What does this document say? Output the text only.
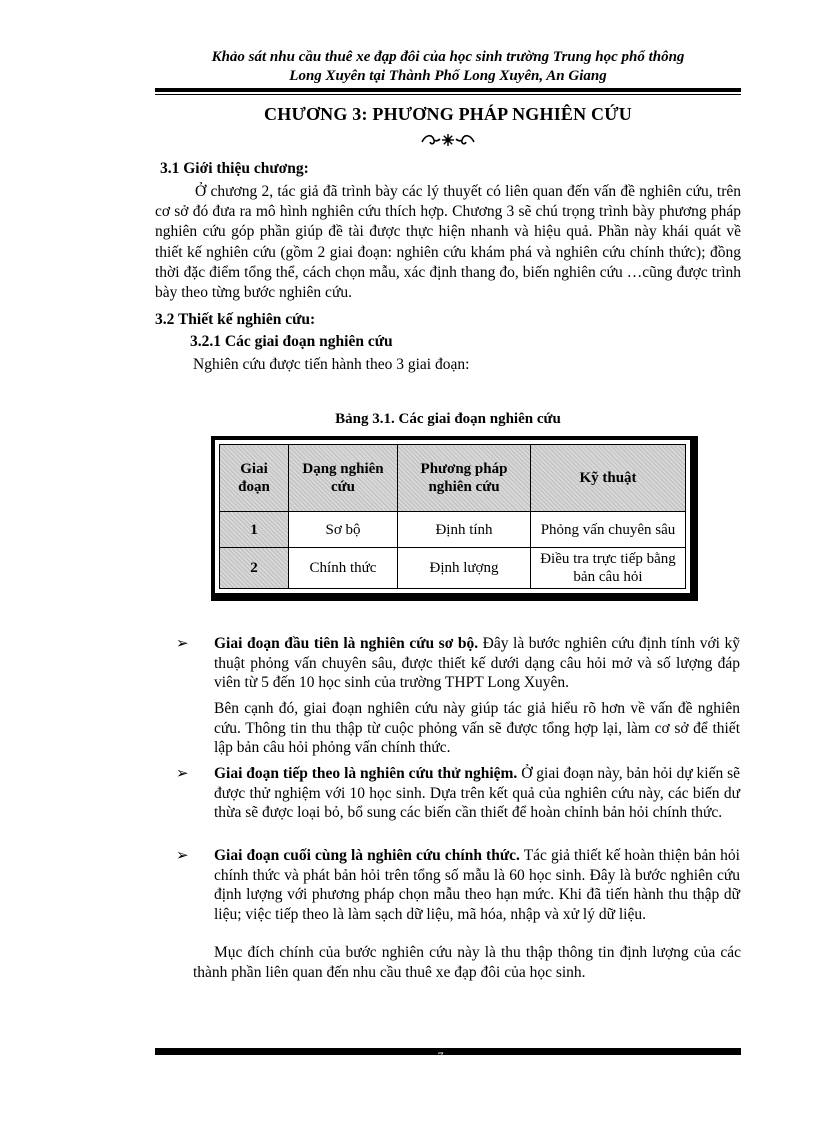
Khảo sát nhu cầu thuê xe đạp đôi của học sinh trường Trung học phổ thông
Long Xuyên tại Thành Phố Long Xuyên, An Giang
CHƯƠNG 3: PHƯƠNG PHÁP NGHIÊN CỨU
3.1 Giới thiệu chương:
Ở chương 2, tác giả đã trình bày các lý thuyết có liên quan đến vấn đề nghiên cứu, trên cơ sở đó đưa ra mô hình nghiên cứu thích hợp. Chương 3 sẽ chú trọng trình bày phương pháp nghiên cứu góp phần giúp đề tài được thực hiện nhanh và hiệu quả. Phần này khái quát về thiết kế nghiên cứu (gồm 2 giai đoạn: nghiên cứu khám phá và nghiên cứu chính thức); đồng thời đặc điểm tổng thể, cách chọn mẫu, xác định thang đo, biến nghiên cứu …cũng được trình bày theo từng bước nghiên cứu.
3.2 Thiết kế nghiên cứu:
3.2.1 Các giai đoạn nghiên cứu
Nghiên cứu được tiến hành theo 3 giai đoạn:
Bảng 3.1. Các giai đoạn nghiên cứu
Giai đoạn	Dạng nghiên cứu	Phương pháp nghiên cứu	Kỹ thuật
1	Sơ bộ	Định tính	Phỏng vấn chuyên sâu
2	Chính thức	Định lượng	Điều tra trực tiếp bằng bản câu hỏi
➢ Giai đoạn đầu tiên là nghiên cứu sơ bộ. Đây là bước nghiên cứu định tính với kỹ thuật phỏng vấn chuyên sâu, được thiết kế dưới dạng câu hỏi mở và số lượng đáp viên từ 5 đến 10 học sinh của trường THPT Long Xuyên.
Bên cạnh đó, giai đoạn nghiên cứu này giúp tác giả hiểu rõ hơn về vấn đề nghiên cứu. Thông tin thu thập từ cuộc phỏng vấn sẽ được tổng hợp lại, làm cơ sở để thiết lập bản câu hỏi phỏng vấn chính thức.
➢ Giai đoạn tiếp theo là nghiên cứu thử nghiệm. Ở giai đoạn này, bản hỏi dự kiến sẽ được thử nghiệm với 10 học sinh. Dựa trên kết quả của nghiên cứu này, các biến dư thừa sẽ được loại bỏ, bổ sung các biến cần thiết để hoàn chỉnh bản hỏi chính thức.
➢ Giai đoạn cuối cùng là nghiên cứu chính thức. Tác giả thiết kế hoàn thiện bản hỏi chính thức và phát bản hỏi trên tổng số mẫu là 60 học sinh. Đây là bước nghiên cứu định lượng với phương pháp chọn mẫu theo hạn mức. Khi đã tiến hành thu thập dữ liệu; việc tiếp theo là làm sạch dữ liệu, mã hóa, nhập và xử lý dữ liệu.
Mục đích chính của bước nghiên cứu này là thu thập thông tin định lượng của các thành phần liên quan đến nhu cầu thuê xe đạp đôi của học sinh.
7
